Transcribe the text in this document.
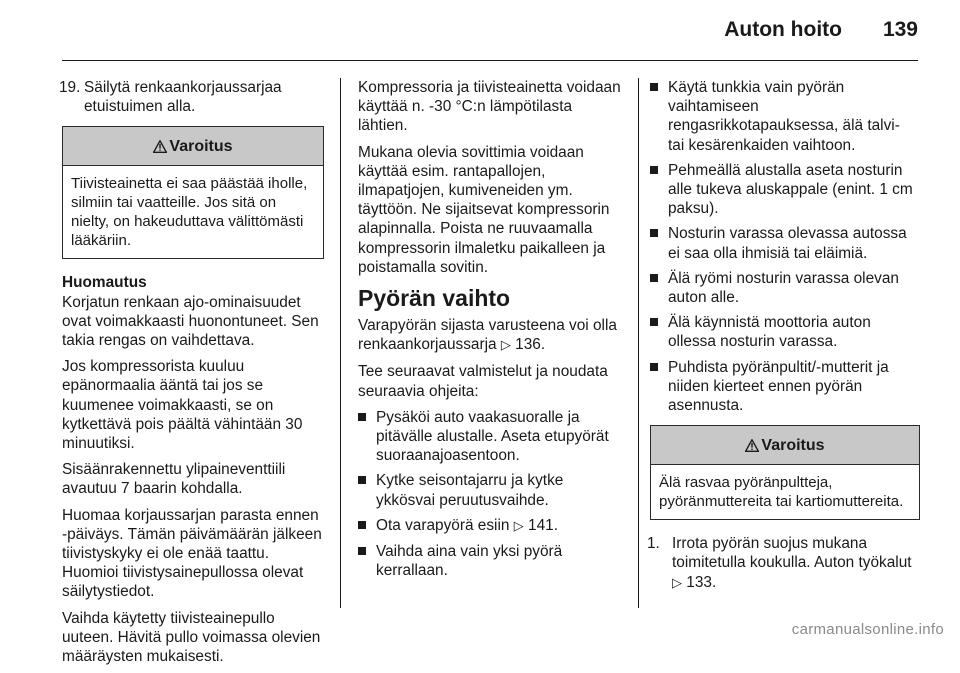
Auton hoito 139
19. Säilytä renkaankorjaussarjaa etuistuimen alla.
Varoitus
Tiivisteainetta ei saa päästää iholle, silmiin tai vaatteille. Jos sitä on nielty, on hakeuduttava välittömästi lääkäriin.
Huomautus

Korjatun renkaan ajo-ominaisuudet ovat voimakkaasti huonontuneet. Sen takia rengas on vaihdettava.

Jos kompressorista kuuluu epänormaalia ääntä tai jos se kuumenee voimakkaasti, se on kytkettävä pois päältä vähintään 30 minuutiksi.

Sisäänrakennettu ylipaineventtiili avautuu 7 baarin kohdalla.

Huomaa korjaussarjan parasta ennen -päiväys. Tämän päivämäärän jälkeen tiivistyskyky ei ole enää taattu. Huomioi tiivistysainepullossa olevat säilytystiedot.

Vaihda käytetty tiivisteainepullo uuteen. Hävitä pullo voimassa olevien määräysten mukaisesti.

Kompressoria ja tiivisteainetta voidaan käyttää n. -30 °C:n lämpötilasta lähtien.

Mukana olevia sovittimia voidaan käyttää esim. rantapallojen, ilmapatjojen, kumiveneiden ym. täyttöön. Ne sijaitsevat kompressorin alapinnalla. Poista ne ruuvaamalla kompressorin ilmaletku paikalleen ja poistamalla sovitin.

Pyörän vaihto

Varapyörän sijasta varusteena voi olla renkaankorjaussarja ▷ 136.

Tee seuraavat valmistelut ja noudata seuraavia ohjeita:

Pysäköi auto vaakasuoralle ja pitävälle alustalle. Aseta etupyörät suoraanajoasentoon.
Kytke seisontajarru ja kytke ykkösvai peruutusvaihde.
Ota varapyörä esiin ▷ 141.
Vaihda aina vain yksi pyörä kerrallaan.
Käytä tunkkia vain pyörän vaihtamiseen rengasrikkotapauksessa, älä talvi- tai kesärenkaiden vaihtoon.
Pehmeällä alustalla aseta nosturin alle tukeva aluskappale (enint. 1 cm paksu).
Nosturin varassa olevassa autossa ei saa olla ihmisiä tai eläimiä.
Älä ryömi nosturin varassa olevan auton alle.
Älä käynnistä moottoria auton ollessa nosturin varassa.
Puhdista pyöränpultit/-mutterit ja niiden kierteet ennen pyörän asennusta.
Varoitus
Älä rasvaa pyöränpultteja, pyöränmuttereita tai kartiomuttereita.
1. Irrota pyörän suojus mukana toimitetulla koukulla. Auton työkalut ▷ 133.
carmanualsonline.info
